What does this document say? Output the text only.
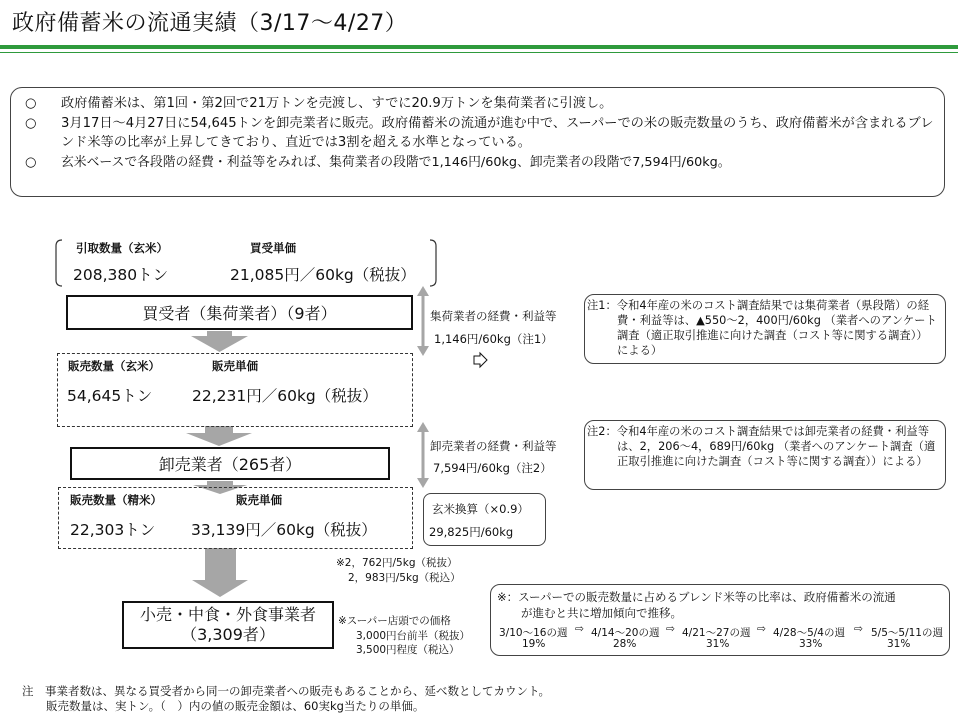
政府備蓄米の流通実績（3/17～4/27）
○ 政府備蓄米は、第1回・第2回で21万トンを売渡し、すでに20.9万トンを集荷業者に引渡し。
○ 3月17日～4月27日に54,645トンを卸売業者に販売。政府備蓄米の流通が進む中で、スーパーでの米の販売数量のうち、政府備蓄米が含まれるブレンド米等の比率が上昇してきており、直近では3割を超える水準となっている。
○ 玄米ベースで各段階の経費・利益等をみれば、集荷業者の段階で1,146円/60kg、卸売業者の段階で7,594円/60kg。
引取数量（玄米）	買受単価
208,380トン	21,085円／60kg（税抜）
買受者（集荷業者）（9者）	集荷業者の経費・利益等
1,146円/60kg（注1）
販売数量（玄米）	販売単価
54,645トン	22,231円／60kg（税抜）
卸売業者（265者）
卸売業者の経費・利益等
7,594円/60kg（注2）
販売数量（精米）	販売単価
22,303トン 33,139円／60kg（税抜）
玄米換算（×0.9）
29,825円/60kg
※2，762円/5kg（税抜）
2，983円/5kg（税込）
小売・中食・外食事業者
（3,309者）
※スーパー店頭での価格
3,000円台前半（税抜）
3,500円程度（税込）
注1：令和4年産の米のコスト調査結果では集荷業者（県段階）の経費・利益等は、▲550～2，400円/60kg （業者へのアンケート調査（適正取引推進に向けた調査（コスト等に関する調査））による）
注2：令和4年産の米のコスト調査結果では卸売業者の経費・利益等は、2，206～4，689円/60kg （業者へのアンケート調査（適正取引推進に向けた調査（コスト等に関する調査））による）
※：スーパーでの販売数量に占めるブレンド米等の比率は、政府備蓄米の流通
が進むと共に増加傾向で推移。
3/10～16の週
19%
⇨ 4/14～20の週
28%
⇨ 4/21～27の週
31%
⇨ 4/28～5/4の週
33%
⇨ 5/5～5/11の週
31%
注　事業者数は、異なる買受者から同一の卸売業者への販売もあることから、延べ数としてカウント。
販売数量は、実トン。（　）内の値の販売金額は、60実kg当たりの単価。
